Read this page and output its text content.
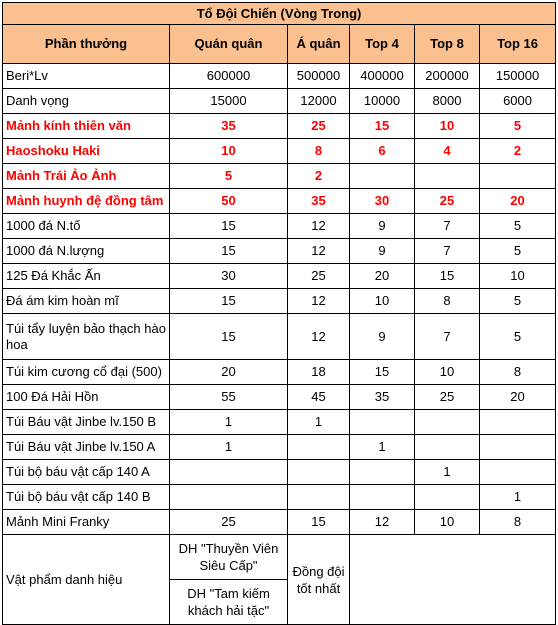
Tổ Đội Chiến (Vòng Trong)					
Phần thưởng	Quán quân	Á quân	Top 4	Top 8	Top 16
Beri*Lv	600000	500000	400000	200000	150000
Danh vọng	15000	12000	10000	8000	6000
Mảnh kính thiên văn	35	25	15	10	5
Haoshoku Haki	10	8	6	4	2
Mảnh Trái Ảo Ảnh	5	2			
Mảnh huynh đệ đồng tâm	50	35	30	25	20
1000 đá N.tố	15	12	9	7	5
1000 đá N.lượng	15	12	9	7	5
125 Đá Khắc Ấn	30	25	20	15	10
Đá ám kim hoàn mĩ	15	12	10	8	5
Túi tẩy luyện bảo thạch hào hoa	15	12	9	7	5
Túi kim cương cổ đại (500)	20	18	15	10	8
100 Đá Hải Hồn	55	45	35	25	20
Túi Báu vật Jinbe lv.150 B	1	1			
Túi Báu vật Jinbe lv.150 A	1		1		
Túi bộ báu vật cấp 140 A				1	
Túi bộ báu vật cấp 140 B					1
Mảnh Mini Franky	25	15	12	10	8
Vật phẩm danh hiệu	DH "Thuyền Viên Siêu Cấp"	Đồng đội tốt nhất			
	DH "Tam kiếm khách hải tặc"				
